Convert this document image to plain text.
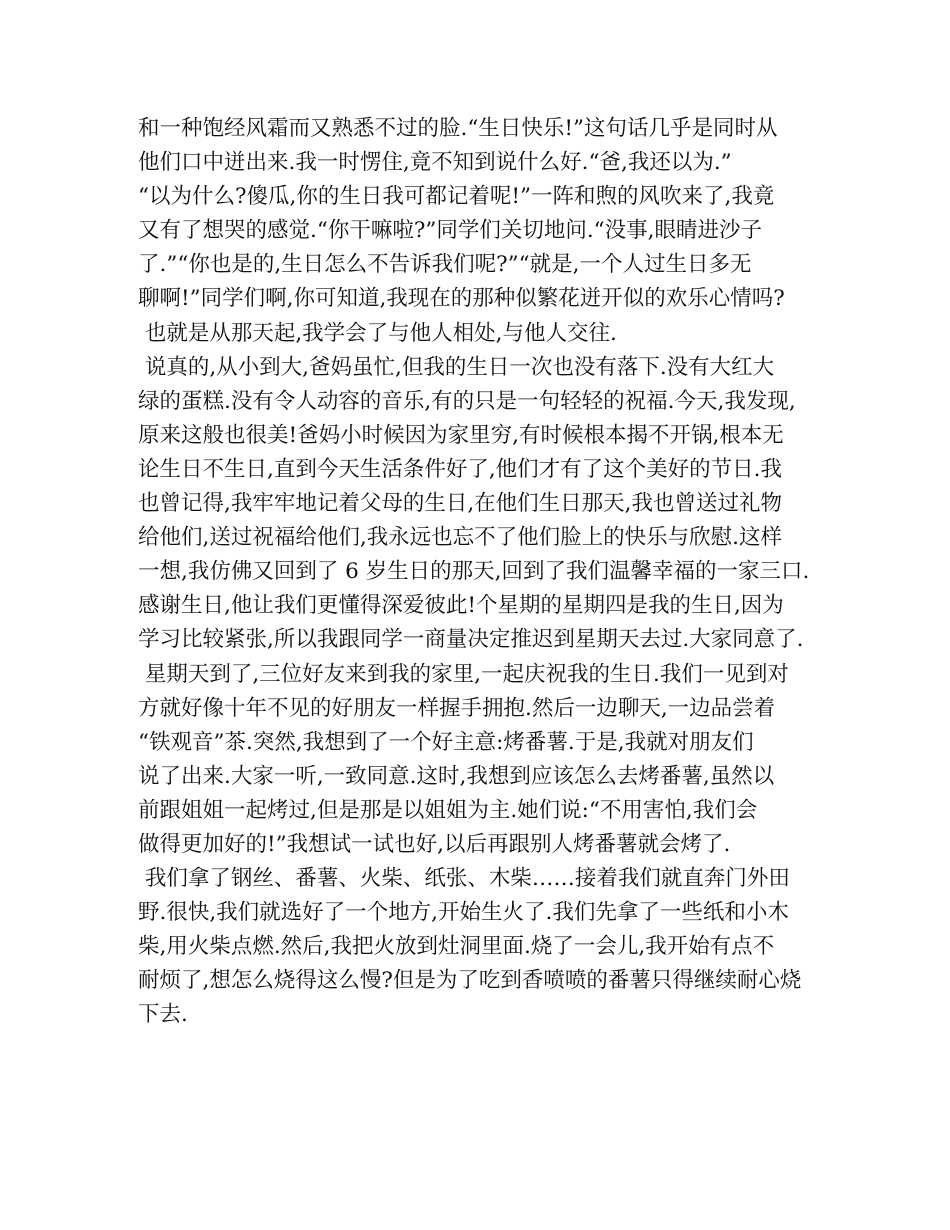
和一种饱经风霜而又熟悉不过的脸.“生日快乐!”这句话几乎是同时从
他们口中迸出来.我一时愣住,竟不知到说什么好.“爸,我还以为.”
“以为什么?傻瓜,你的生日我可都记着呢!”一阵和煦的风吹来了,我竟
又有了想哭的感觉.“你干嘛啦?”同学们关切地问.“没事,眼睛进沙子
了.”“你也是的,生日怎么不告诉我们呢?”“就是,一个人过生日多无
聊啊!”同学们啊,你可知道,我现在的那种似繁花迸开似的欢乐心情吗?
也就是从那天起,我学会了与他人相处,与他人交往.
说真的,从小到大,爸妈虽忙,但我的生日一次也没有落下.没有大红大
绿的蛋糕.没有令人动容的音乐,有的只是一句轻轻的祝福.今天,我发现,
原来这般也很美!爸妈小时候因为家里穷,有时候根本揭不开锅,根本无
论生日不生日,直到今天生活条件好了,他们才有了这个美好的节日.我
也曾记得,我牢牢地记着父母的生日,在他们生日那天,我也曾送过礼物
给他们,送过祝福给他们,我永远也忘不了他们脸上的快乐与欣慰.这样
一想,我仿佛又回到了 6 岁生日的那天,回到了我们温馨幸福的一家三口.
感谢生日,他让我们更懂得深爱彼此!个星期的星期四是我的生日,因为
学习比较紧张,所以我跟同学一商量决定推迟到星期天去过.大家同意了.
星期天到了,三位好友来到我的家里,一起庆祝我的生日.我们一见到对
方就好像十年不见的好朋友一样握手拥抱.然后一边聊天,一边品尝着
“铁观音”茶.突然,我想到了一个好主意:烤番薯.于是,我就对朋友们
说了出来.大家一听,一致同意.这时,我想到应该怎么去烤番薯,虽然以
前跟姐姐一起烤过,但是那是以姐姐为主.她们说:“不用害怕,我们会
做得更加好的!”我想试一试也好,以后再跟别人烤番薯就会烤了.
我们拿了钢丝、番薯、火柴、纸张、木柴……接着我们就直奔门外田
野.很快,我们就选好了一个地方,开始生火了.我们先拿了一些纸和小木
柴,用火柴点燃.然后,我把火放到灶洞里面.烧了一会儿,我开始有点不
耐烦了,想怎么烧得这么慢?但是为了吃到香喷喷的番薯只得继续耐心烧
下去.
